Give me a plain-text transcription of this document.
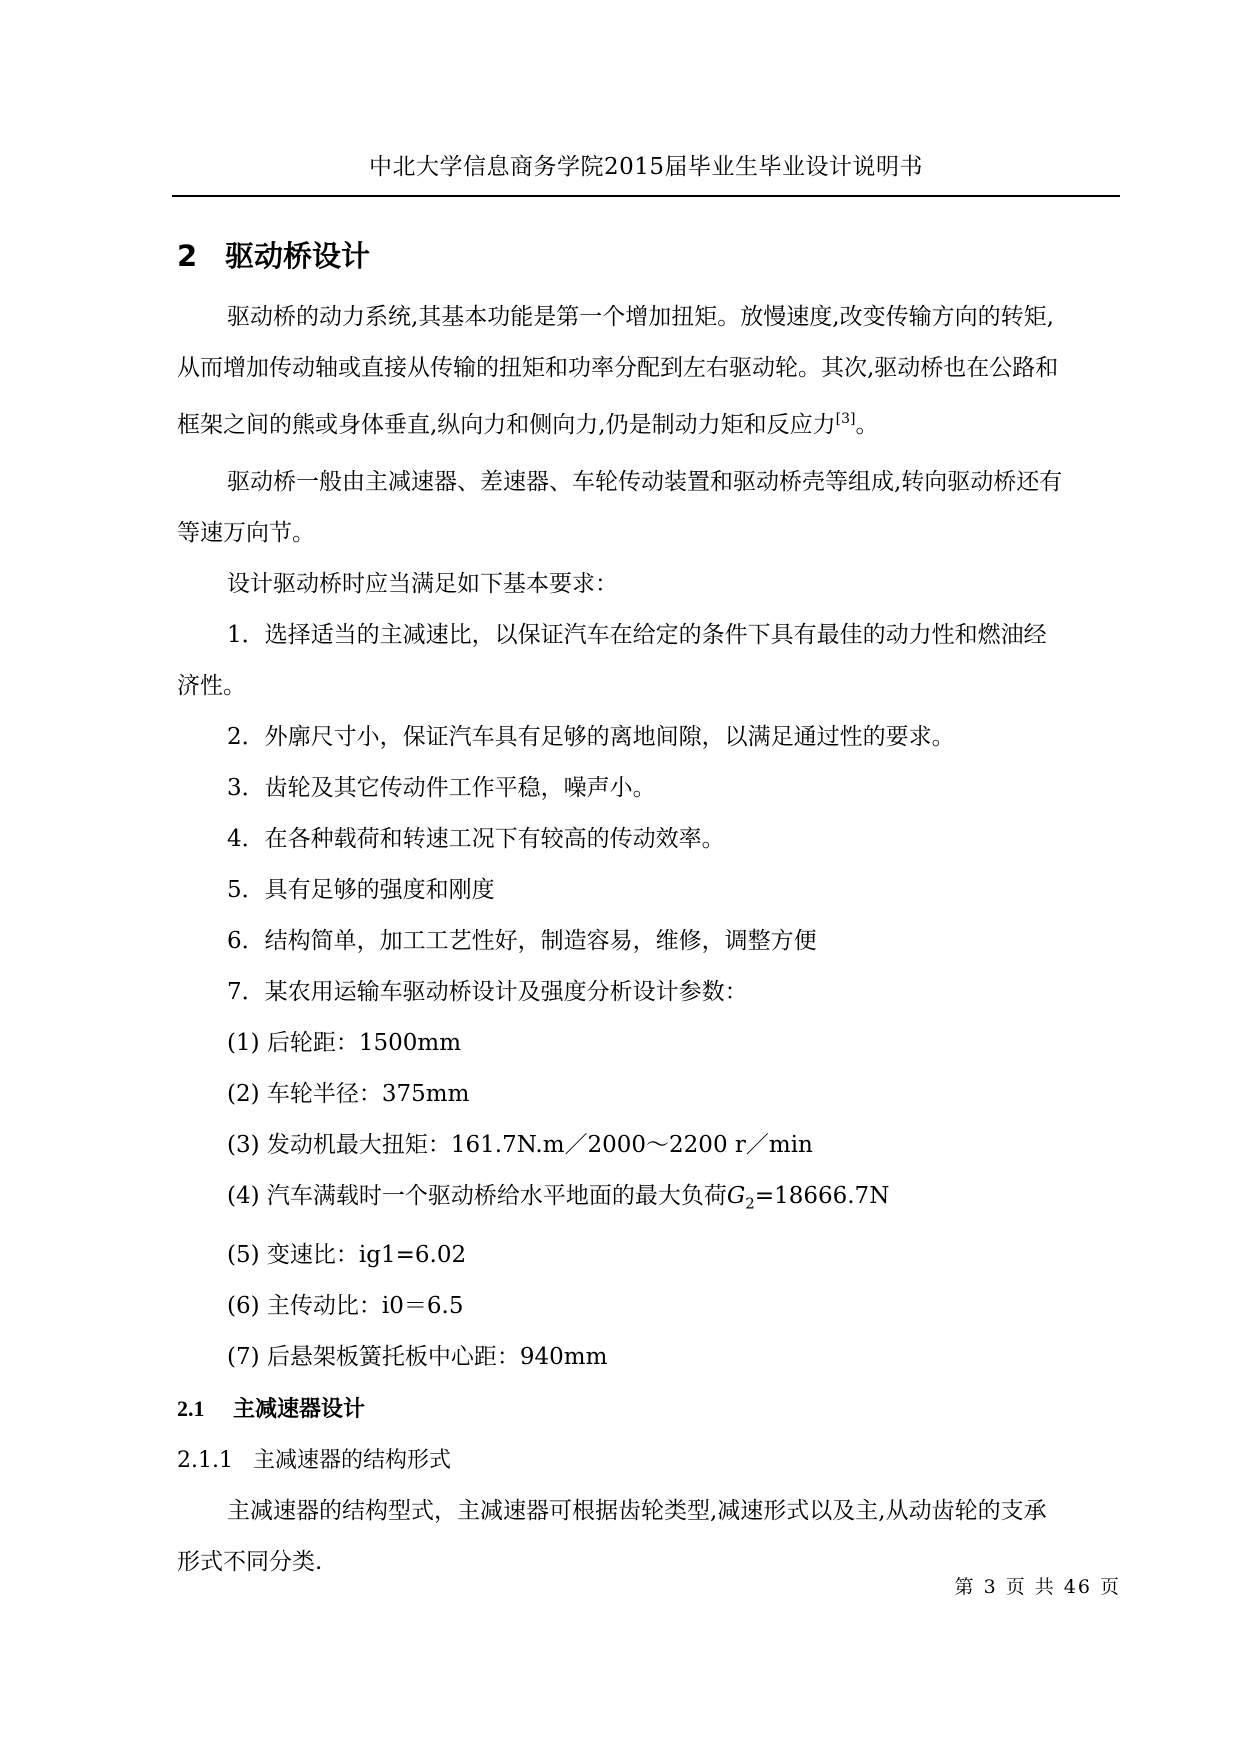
中北大学信息商务学院2015届毕业生毕业设计说明书
2 驱动桥设计

驱动桥的动力系统,其基本功能是第一个增加扭矩。放慢速度,改变传输方向的转矩,

从而增加传动轴或直接从传输的扭矩和功率分配到左右驱动轮。其次,驱动桥也在公路和

框架之间的熊或身体垂直,纵向力和侧向力,仍是制动力矩和反应力[3]。

驱动桥一般由主减速器、差速器、车轮传动装置和驱动桥壳等组成,转向驱动桥还有

等速万向节。

设计驱动桥时应当满足如下基本要求：

1．选择适当的主减速比，以保证汽车在给定的条件下具有最佳的动力性和燃油经

济性。

2．外廓尺寸小，保证汽车具有足够的离地间隙，以满足通过性的要求。

3．齿轮及其它传动件工作平稳，噪声小。

4．在各种载荷和转速工况下有较高的传动效率。

5．具有足够的强度和刚度

6．结构简单，加工工艺性好，制造容易，维修，调整方便

7．某农用运输车驱动桥设计及强度分析设计参数：

(1) 后轮距：1500mm

(2) 车轮半径：375mm

(3) 发动机最大扭矩：161.7N.m／2000～2200 r／min

(4) 汽车满载时一个驱动桥给水平地面的最大负荷$G_2=18666.7N$

(5) 变速比：ig1=6.02

(6) 主传动比：i0＝6.5

(7) 后悬架板簧托板中心距：940mm

2.1 主减速器设计
2.1.1 主减速器的结构形式

主减速器的结构型式，主减速器可根据齿轮类型,减速形式以及主,从动齿轮的支承

形式不同分类.

第 3 页 共 46 页
